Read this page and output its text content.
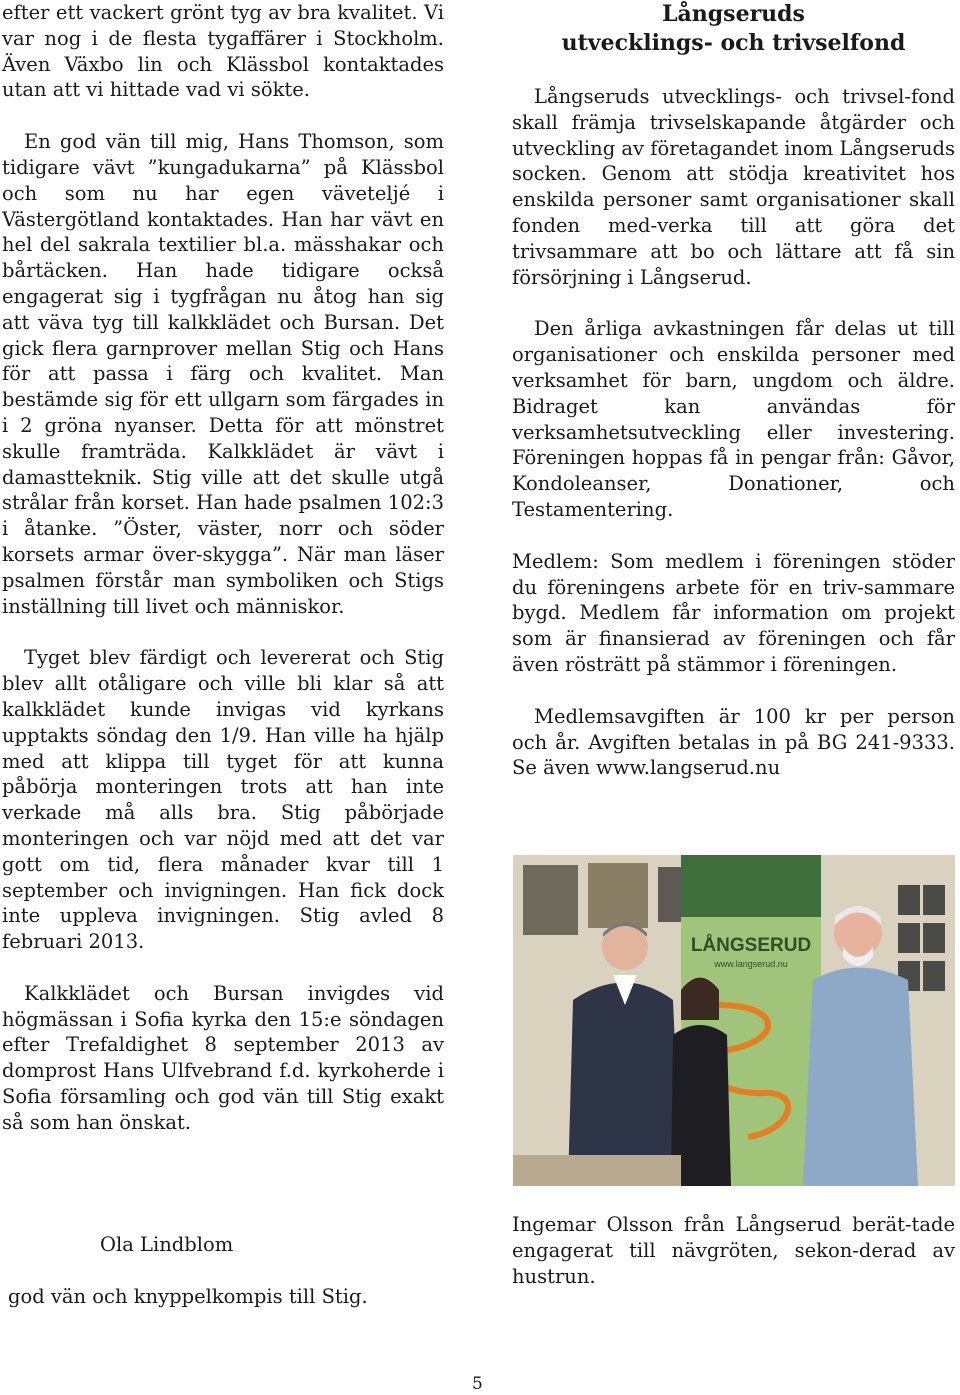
efter ett vackert grönt tyg av bra kvalitet. Vi var nog i de flesta tygaffärer i Stockholm. Även Växbo lin och Klässbol kontaktades utan att vi hittade vad vi sökte.

En god vän till mig, Hans Thomson, som tidigare vävt ”kungadukarna” på Klässbol och som nu har egen väveteljé i Västergötland kontaktades. Han har vävt en hel del sakrala textilier bl.a. mässhakar och bårtäcken. Han hade tidigare också engagerat sig i tygfrågan nu åtog han sig att väva tyg till kalkklädet och Bursan. Det gick flera garnprover mellan Stig och Hans för att passa i färg och kvalitet. Man bestämde sig för ett ullgarn som färgades in i 2 gröna nyanser. Detta för att mönstret skulle framträda. Kalkklädet är vävt i damastteknik. Stig ville att det skulle utgå strålar från korset. Han hade psalmen 102:3 i åtanke. ”Öster, väster, norr och söder korsets armar över-skygga”. När man läser psalmen förstår man symboliken och Stigs inställning till livet och människor.

Tyget blev färdigt och levererat och Stig blev allt otåligare och ville bli klar så att kalkklädet kunde invigas vid kyrkans upptakts söndag den 1/9. Han ville ha hjälp med att klippa till tyget för att kunna påbörja monteringen trots att han inte verkade må alls bra. Stig påbörjade monteringen och var nöjd med att det var gott om tid, flera månader kvar till 1 september och invigningen. Han fick dock inte uppleva invigningen. Stig avled 8 februari 2013.

Kalkklädet och Bursan invigdes vid högmässan i Sofia kyrka den 15:e söndagen efter Trefaldighet 8 september 2013 av domprost Hans Ulfvebrand f.d. kyrkoherde i Sofia församling och god vän till Stig exakt så som han önskat.

Ola Lindblom
god vän och knyppelkompis till Stig.
Långseruds
utvecklings- och trivselfond

Långseruds utvecklings- och trivsel-fond skall främja trivselskapande åtgärder och utveckling av företagandet inom Långseruds socken. Genom att stödja kreativitet hos enskilda personer samt organisationer skall fonden med-verka till att göra det trivsammare att bo och lättare att få sin försörjning i Långserud.

Den årliga avkastningen får delas ut till organisationer och enskilda personer med verksamhet för barn, ungdom och äldre. Bidraget kan användas för verksamhetsutveckling eller investering. Föreningen hoppas få in pengar från: Gåvor, Kondoleanser, Donationer, och Testamentering.

Medlem: Som medlem i föreningen stöder du föreningens arbete för en triv-sammare bygd. Medlem får information om projekt som är finansierad av föreningen och får även rösträtt på stämmor i föreningen.

Medlemsavgiften är 100 kr per person och år. Avgiften betalas in på BG 241-9333. Se även www.langserud.nu

LÅNGSERUD
www.langserud.nu
Ingemar Olsson från Långserud berät-tade engagerat till nävgröten, sekon-derad av hustrun.
5
